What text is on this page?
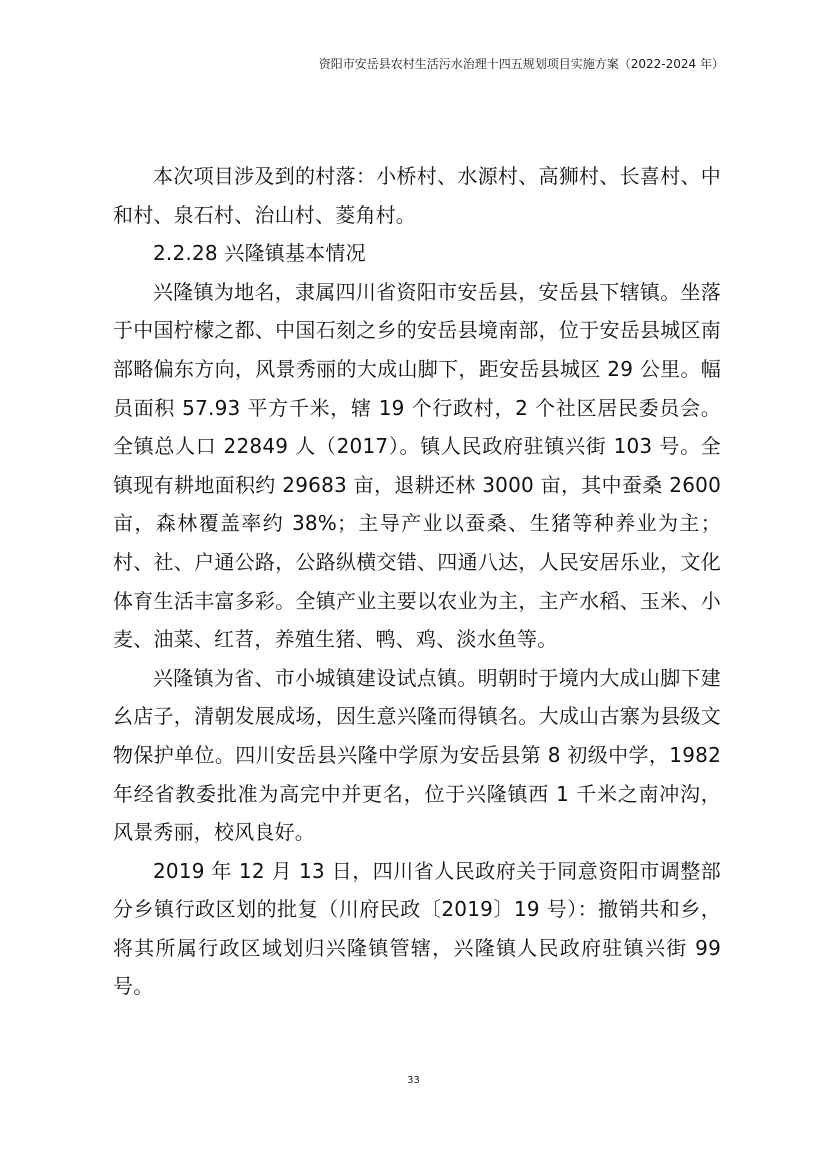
资阳市安岳县农村生活污水治理十四五规划项目实施方案（2022-2024 年）

本次项目涉及到的村落：小桥村、水源村、高狮村、长喜村、中和村、泉石村、治山村、菱角村。

2.2.28 兴隆镇基本情况

兴隆镇为地名，隶属四川省资阳市安岳县，安岳县下辖镇。坐落于中国柠檬之都、中国石刻之乡的安岳县境南部，位于安岳县城区南部略偏东方向，风景秀丽的大成山脚下，距安岳县城区 29 公里。幅员面积 57.93 平方千米，辖 19 个行政村，2 个社区居民委员会。全镇总人口 22849 人（2017）。镇人民政府驻镇兴街 103 号。全镇现有耕地面积约 29683 亩，退耕还林 3000 亩，其中蚕桑 2600 亩，森林覆盖率约 38%；主导产业以蚕桑、生猪等种养业为主；村、社、户通公路，公路纵横交错、四通八达，人民安居乐业，文化体育生活丰富多彩。全镇产业主要以农业为主，主产水稻、玉米、小麦、油菜、红苕，养殖生猪、鸭、鸡、淡水鱼等。

兴隆镇为省、市小城镇建设试点镇。明朝时于境内大成山脚下建幺店子，清朝发展成场，因生意兴隆而得镇名。大成山古寨为县级文物保护单位。四川安岳县兴隆中学原为安岳县第 8 初级中学，1982 年经省教委批准为高完中并更名，位于兴隆镇西 1 千米之南冲沟，风景秀丽，校风良好。

2019 年 12 月 13 日，四川省人民政府关于同意资阳市调整部分乡镇行政区划的批复（川府民政〔2019〕19 号）：撤销共和乡，将其所属行政区域划归兴隆镇管辖，兴隆镇人民政府驻镇兴街 99 号。

33
